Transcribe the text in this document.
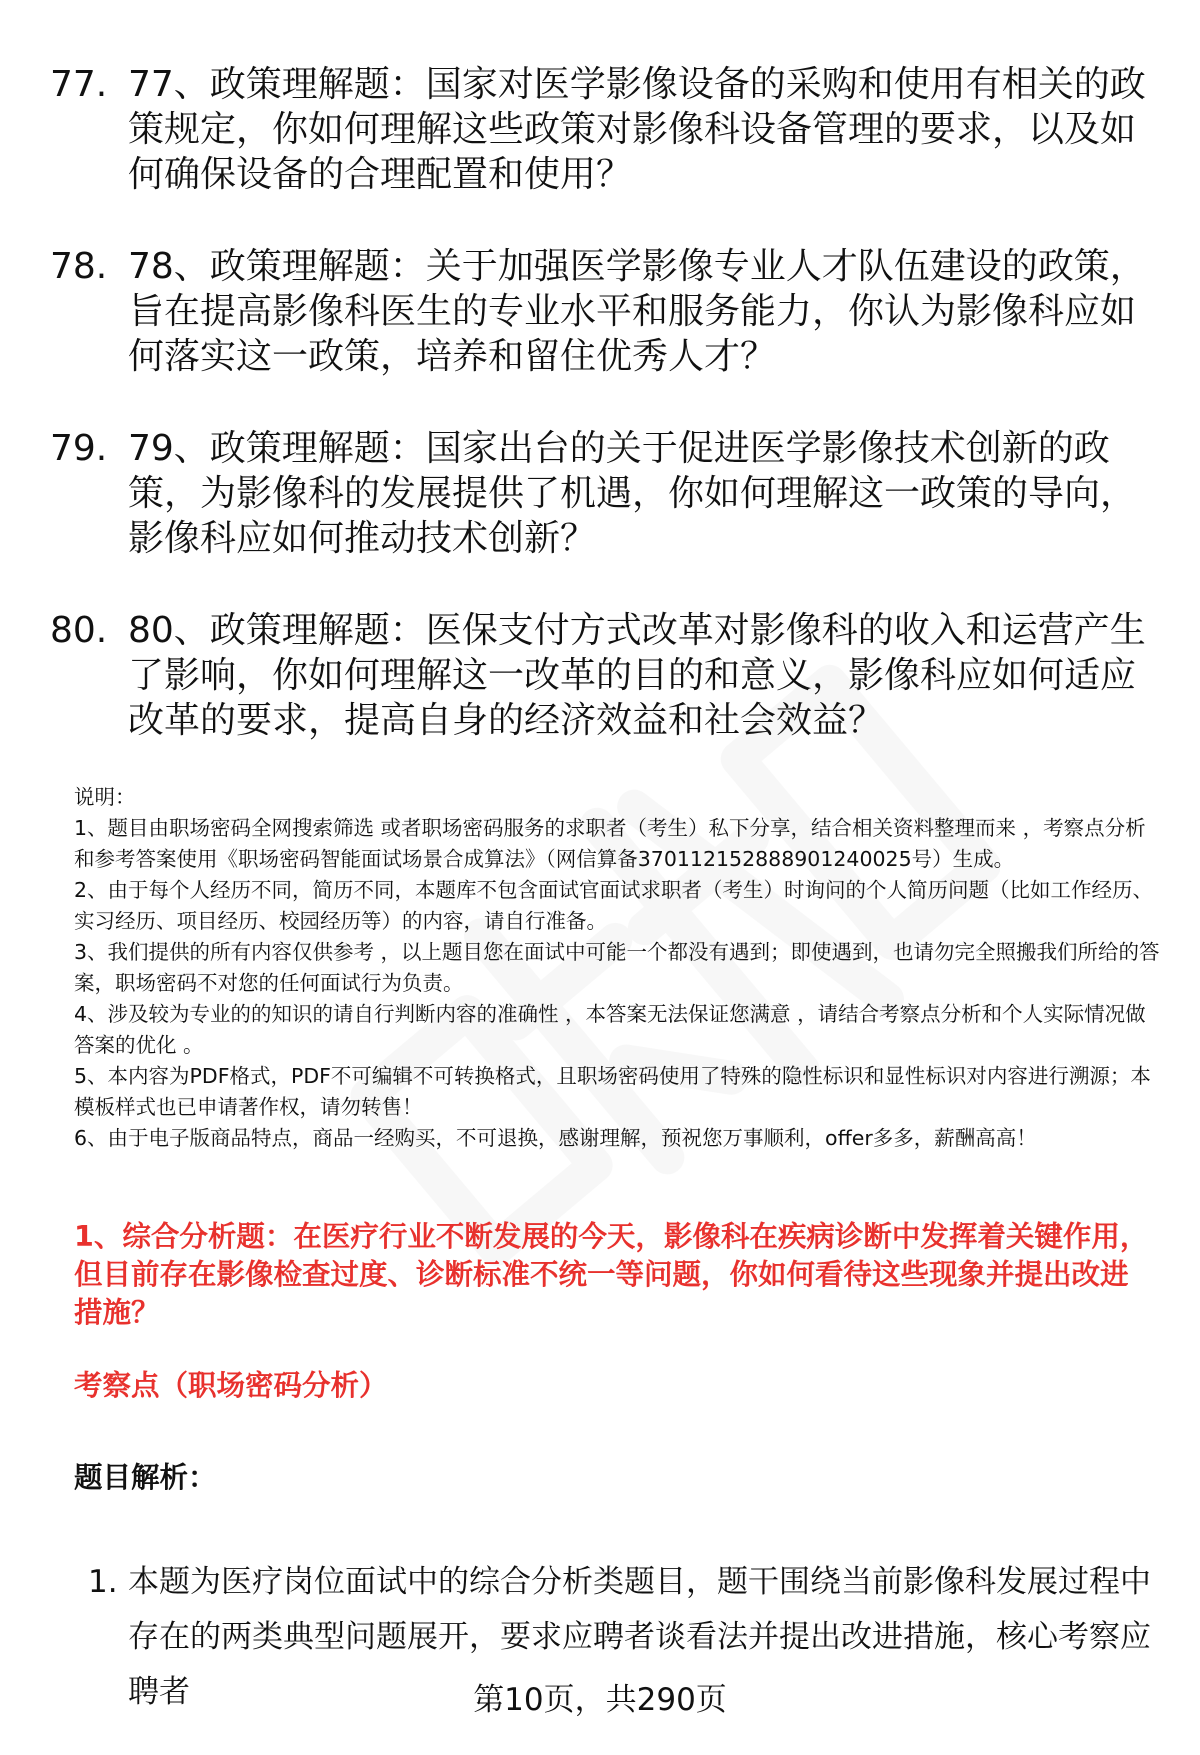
77. 77、政策理解题：国家对医学影像设备的采购和使用有相关的政策规定，你如何理解这些政策对影像科设备管理的要求，以及如何确保设备的合理配置和使用？
78. 78、政策理解题：关于加强医学影像专业人才队伍建设的政策，旨在提高影像科医生的专业水平和服务能力，你认为影像科应如何落实这一政策，培养和留住优秀人才？
79. 79、政策理解题：国家出台的关于促进医学影像技术创新的政策，为影像科的发展提供了机遇，你如何理解这一政策的导向，影像科应如何推动技术创新？
80. 80、政策理解题：医保支付方式改革对影像科的收入和运营产生了影响，你如何理解这一改革的目的和意义，影像科应如何适应改革的要求，提高自身的经济效益和社会效益？

说明：

1、题目由职场密码全网搜索筛选 或者职场密码服务的求职者（考生）私下分享，结合相关资料整理而来 ，考察点分析和参考答案使用《职场密码智能面试场景合成算法》（网信算备370112152888901240025号）生成。

2、由于每个人经历不同，简历不同，本题库不包含面试官面试求职者（考生）时询问的个人简历问题（比如工作经历、实习经历、项目经历、校园经历等）的内容，请自行准备。

3、我们提供的所有内容仅供参考 ，以上题目您在面试中可能一个都没有遇到；即使遇到，也请勿完全照搬我们所给的答案，职场密码不对您的任何面试行为负责。

4、涉及较为专业的的知识的请自行判断内容的准确性 ，本答案无法保证您满意 ，请结合考察点分析和个人实际情况做答案的优化 。

5、本内容为PDF格式，PDF不可编辑不可转换格式，且职场密码使用了特殊的隐性标识和显性标识对内容进行溯源；本模板样式也已申请著作权，请勿转售！

6、由于电子版商品特点，商品一经购买，不可退换，感谢理解，预祝您万事顺利，offer多多，薪酬高高！

1、综合分析题：在医疗行业不断发展的今天，影像科在疾病诊断中发挥着关键作用，但目前存在影像检查过度、诊断标准不统一等问题，你如何看待这些现象并提出改进措施？

考察点（职场密码分析）

题目解析：

1. 本题为医疗岗位面试中的综合分析类题目，题干围绕当前影像科发展过程中存在的两类典型问题展开，要求应聘者谈看法并提出改进措施，核心考察应聘者	第10页，共290页
